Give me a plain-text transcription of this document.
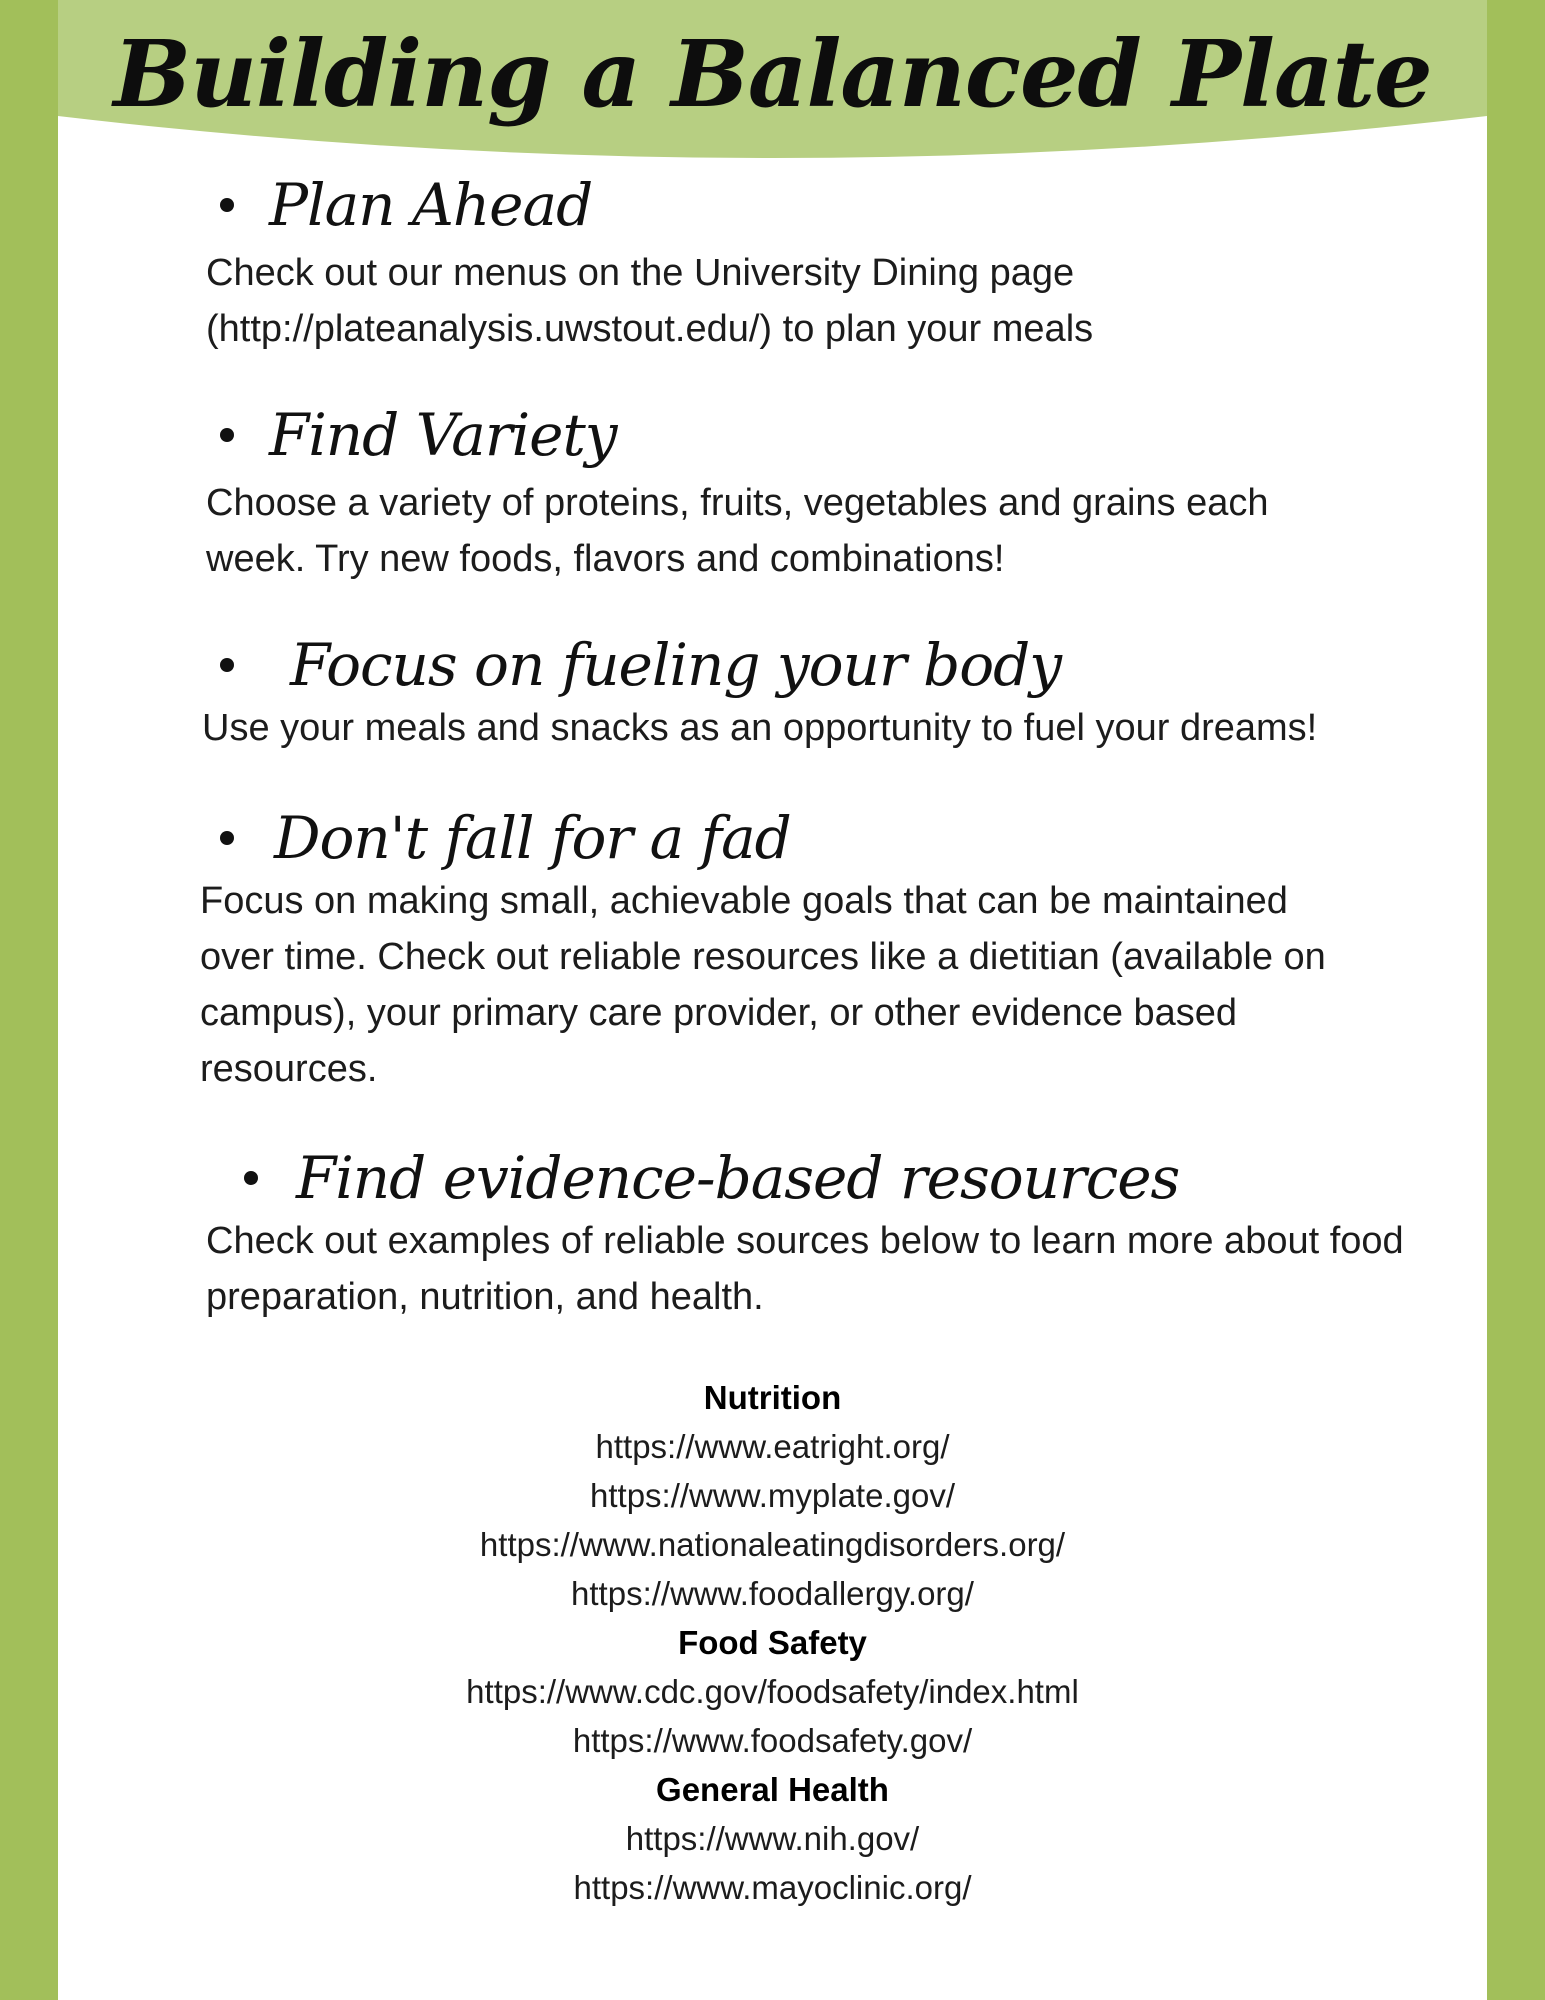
Building a Balanced Plate
Plan Ahead

Check out our menus on the University Dining page (http://plateanalysis.uwstout.edu/) to plan your meals

Find Variety

Choose a variety of proteins, fruits, vegetables and grains each week. Try new foods, flavors and combinations!

Focus on fueling your body

Use your meals and snacks as an opportunity to fuel your dreams!

Don't fall for a fad

Focus on making small, achievable goals that can be maintained over time. Check out reliable resources like a dietitian (available on campus), your primary care provider, or other evidence based resources.

Find evidence-based resources

Check out examples of reliable sources below to learn more about food preparation, nutrition, and health.

Nutrition
https://www.eatright.org/
https://www.myplate.gov/
https://www.nationaleatingdisorders.org/
https://www.foodallergy.org/
Food Safety
https://www.cdc.gov/foodsafety/index.html
https://www.foodsafety.gov/
General Health
https://www.nih.gov/
https://www.mayoclinic.org/
